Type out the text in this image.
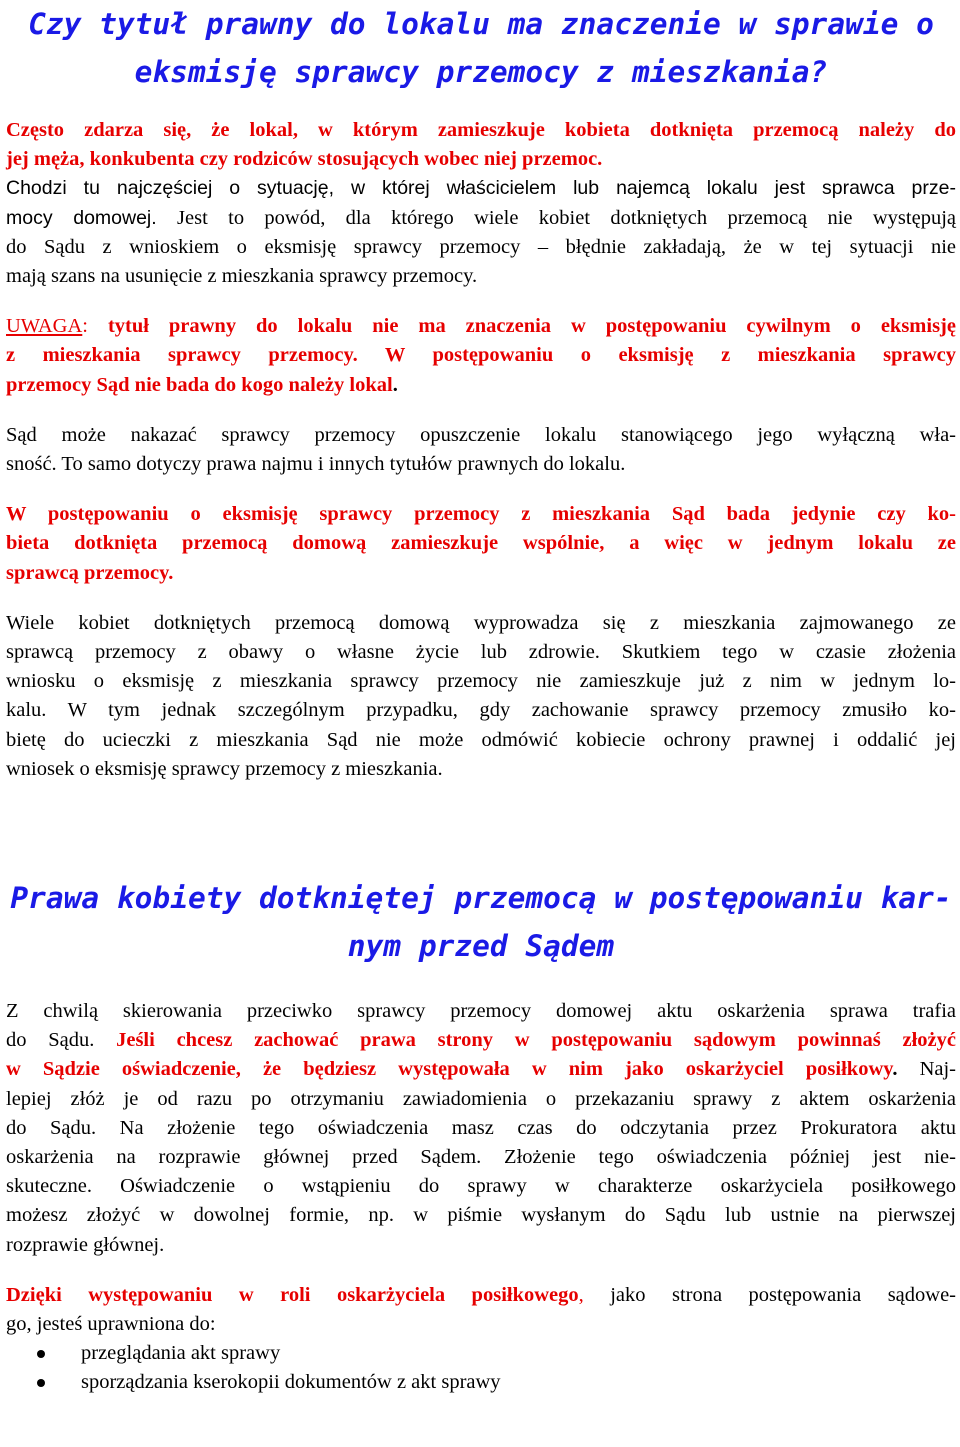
Czy tytuł prawny do lokalu ma znaczenie w sprawie o
eksmisję sprawcy przemocy z mieszkania?

Często zdarza się, że lokal, w którym zamieszkuje kobieta dotknięta przemocą należy do
jej męża, konkubenta czy rodziców stosujących wobec niej przemoc.
Chodzi tu najczęściej o sytuację, w której właścicielem lub najemcą lokalu jest sprawca prze-
mocy domowej. Jest to powód, dla którego wiele kobiet dotkniętych przemocą nie występują
do Sądu z wnioskiem o eksmisję sprawcy przemocy – błędnie zakładają, że w tej sytuacji nie
mają szans na usunięcie z mieszkania sprawcy przemocy.

UWAGA: tytuł prawny do lokalu nie ma znaczenia w postępowaniu cywilnym o eksmisję
z mieszkania sprawcy przemocy. W postępowaniu o eksmisję z mieszkania sprawcy
przemocy Sąd nie bada do kogo należy lokal.

Sąd może nakazać sprawcy przemocy opuszczenie lokalu stanowiącego jego wyłączną wła-
sność. To samo dotyczy prawa najmu i innych tytułów prawnych do lokalu.

W postępowaniu o eksmisję sprawcy przemocy z mieszkania Sąd bada jedynie czy ko-
bieta dotknięta przemocą domową zamieszkuje wspólnie, a więc w jednym lokalu ze
sprawcą przemocy.

Wiele kobiet dotkniętych przemocą domową wyprowadza się z mieszkania zajmowanego ze
sprawcą przemocy z obawy o własne życie lub zdrowie. Skutkiem tego w czasie złożenia
wniosku o eksmisję z mieszkania sprawcy przemocy nie zamieszkuje już z nim w jednym lo-
kalu. W tym jednak szczególnym przypadku, gdy zachowanie sprawcy przemocy zmusiło ko-
bietę do ucieczki z mieszkania Sąd nie może odmówić kobiecie ochrony prawnej i oddalić jej
wniosek o eksmisję sprawcy przemocy z mieszkania.

Prawa kobiety dotkniętej przemocą w postępowaniu kar-
nym przed Sądem

Z chwilą skierowania przeciwko sprawcy przemocy domowej aktu oskarżenia sprawa trafia
do Sądu. Jeśli chcesz zachować prawa strony w postępowaniu sądowym powinnaś złożyć
w Sądzie oświadczenie, że będziesz występowała w nim jako oskarżyciel posiłkowy. Naj-
lepiej złóż je od razu po otrzymaniu zawiadomienia o przekazaniu sprawy z aktem oskarżenia
do Sądu. Na złożenie tego oświadczenia masz czas do odczytania przez Prokuratora aktu
oskarżenia na rozprawie głównej przed Sądem. Złożenie tego oświadczenia później jest nie-
skuteczne. Oświadczenie o wstąpieniu do sprawy w charakterze oskarżyciela posiłkowego
możesz złożyć w dowolnej formie, np. w piśmie wysłanym do Sądu lub ustnie na pierwszej
rozprawie głównej.

Dzięki występowaniu w roli oskarżyciela posiłkowego, jako strona postępowania sądowe-
go, jesteś uprawniona do:

przeglądania akt sprawy
sporządzania kserokopii dokumentów z akt sprawy
